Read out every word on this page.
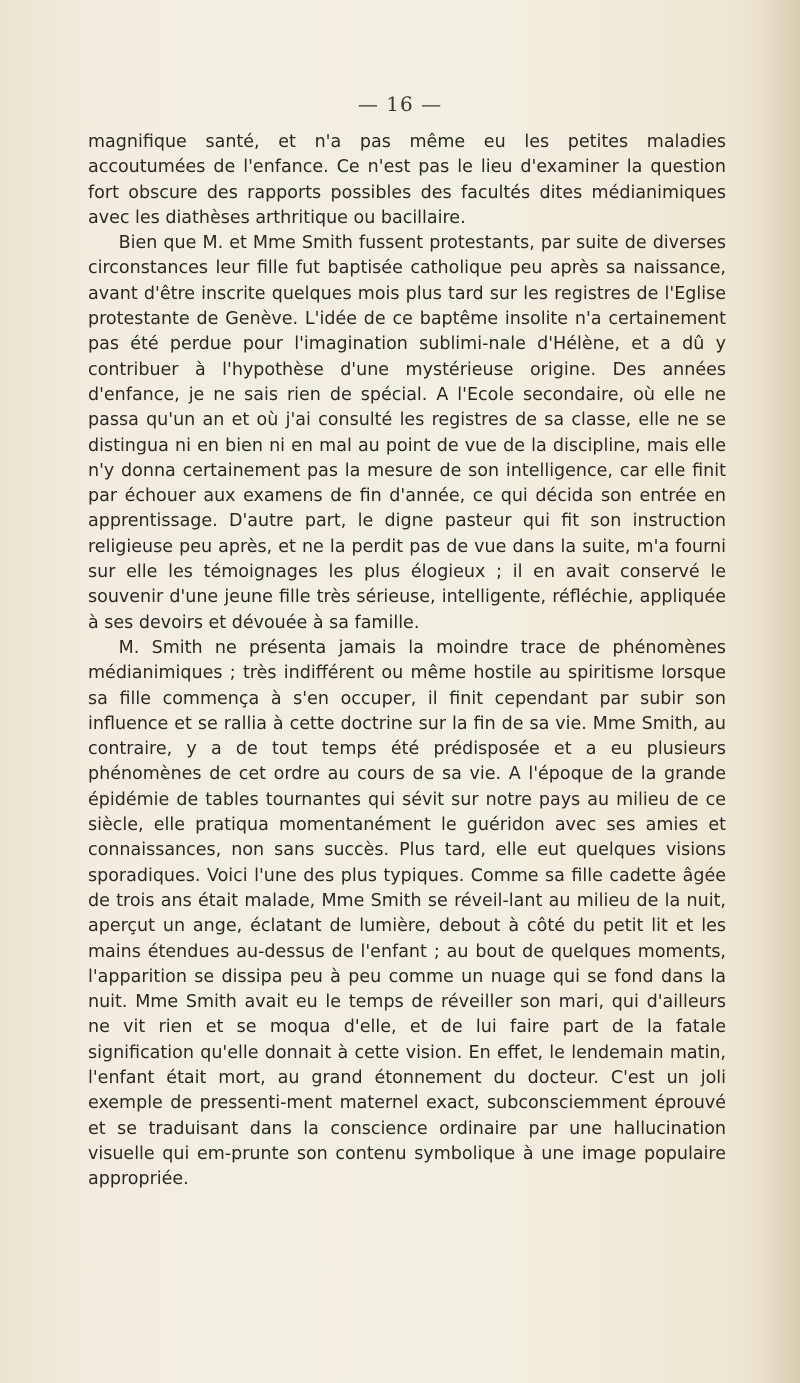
— 16 —

magnifique santé, et n'a pas même eu les petites maladies accoutumées de l'enfance. Ce n'est pas le lieu d'examiner la question fort obscure des rapports possibles des facultés dites médianimiques avec les diathèses arthritique ou bacillaire.

Bien que M. et Mme Smith fussent protestants, par suite de diverses circonstances leur fille fut baptisée catholique peu après sa naissance, avant d'être inscrite quelques mois plus tard sur les registres de l'Eglise protestante de Genève. L'idée de ce baptême insolite n'a certainement pas été perdue pour l'imagination sublimi-nale d'Hélène, et a dû y contribuer à l'hypothèse d'une mystérieuse origine. Des années d'enfance, je ne sais rien de spécial. A l'Ecole secondaire, où elle ne passa qu'un an et où j'ai consulté les registres de sa classe, elle ne se distingua ni en bien ni en mal au point de vue de la discipline, mais elle n'y donna certainement pas la mesure de son intelligence, car elle finit par échouer aux examens de fin d'année, ce qui décida son entrée en apprentissage. D'autre part, le digne pasteur qui fit son instruction religieuse peu après, et ne la perdit pas de vue dans la suite, m'a fourni sur elle les témoignages les plus élogieux ; il en avait conservé le souvenir d'une jeune fille très sérieuse, intelligente, réfléchie, appliquée à ses devoirs et dévouée à sa famille.

M. Smith ne présenta jamais la moindre trace de phénomènes médianimiques ; très indifférent ou même hostile au spiritisme lorsque sa fille commença à s'en occuper, il finit cependant par subir son influence et se rallia à cette doctrine sur la fin de sa vie. Mme Smith, au contraire, y a de tout temps été prédisposée et a eu plusieurs phénomènes de cet ordre au cours de sa vie. A l'époque de la grande épidémie de tables tournantes qui sévit sur notre pays au milieu de ce siècle, elle pratiqua momentanément le guéridon avec ses amies et connaissances, non sans succès. Plus tard, elle eut quelques visions sporadiques. Voici l'une des plus typiques. Comme sa fille cadette âgée de trois ans était malade, Mme Smith se réveil-lant au milieu de la nuit, aperçut un ange, éclatant de lumière, debout à côté du petit lit et les mains étendues au-dessus de l'enfant ; au bout de quelques moments, l'apparition se dissipa peu à peu comme un nuage qui se fond dans la nuit. Mme Smith avait eu le temps de réveiller son mari, qui d'ailleurs ne vit rien et se moqua d'elle, et de lui faire part de la fatale signification qu'elle donnait à cette vision. En effet, le lendemain matin, l'enfant était mort, au grand étonnement du docteur. C'est un joli exemple de pressenti-ment maternel exact, subconsciemment éprouvé et se traduisant dans la conscience ordinaire par une hallucination visuelle qui em-prunte son contenu symbolique à une image populaire appropriée.
